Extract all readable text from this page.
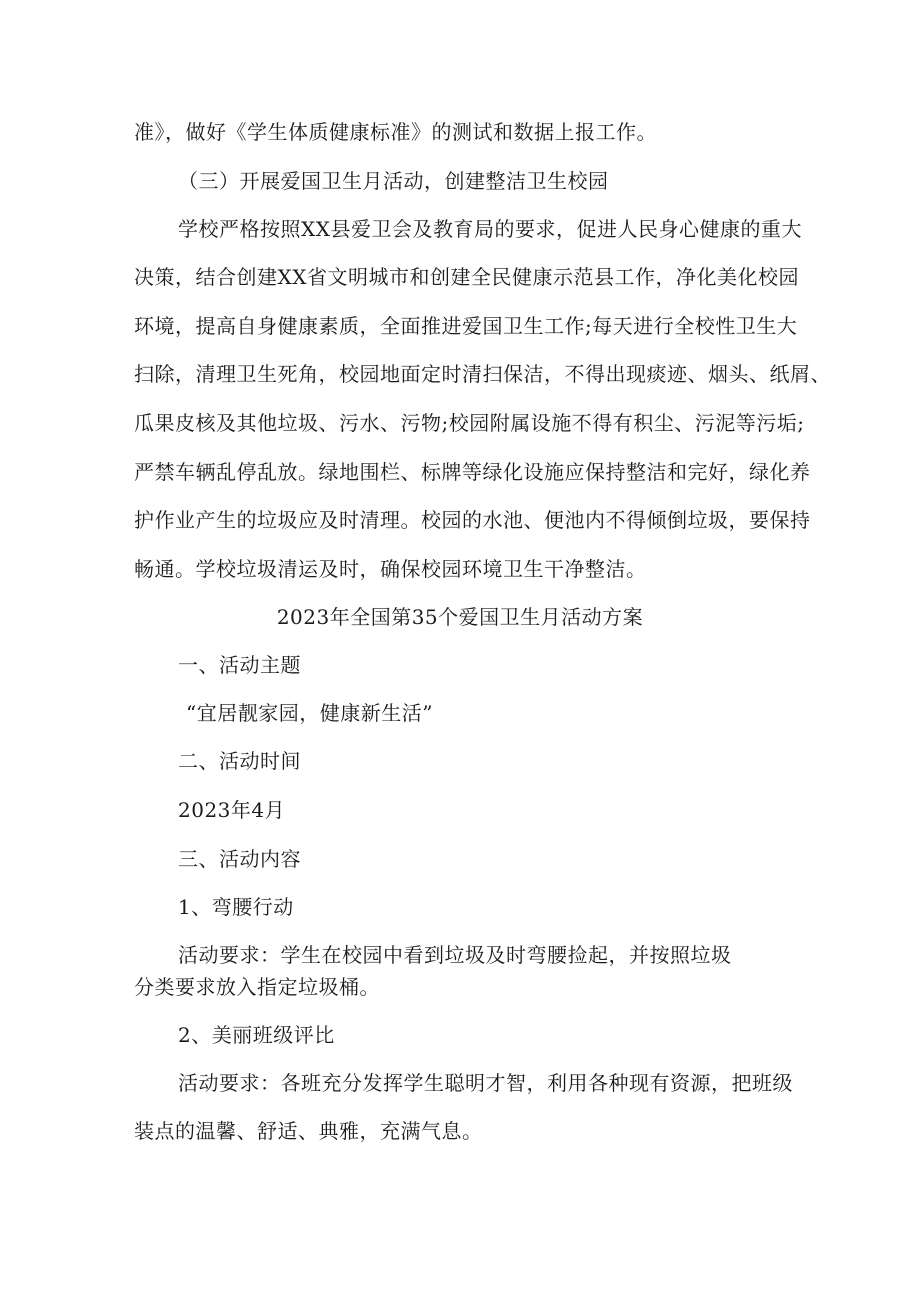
准》，做好《学生体质健康标准》的测试和数据上报工作。
（三）开展爱国卫生月活动，创建整洁卫生校园
学校严格按照XX县爱卫会及教育局的要求，促进人民身心健康的重大
决策，结合创建XX省文明城市和创建全民健康示范县工作，净化美化校园
环境，提高自身健康素质，全面推进爱国卫生工作;每天进行全校性卫生大
扫除，清理卫生死角，校园地面定时清扫保洁，不得出现痰迹、烟头、纸屑、
瓜果皮核及其他垃圾、污水、污物;校园附属设施不得有积尘、污泥等污垢;
严禁车辆乱停乱放。绿地围栏、标牌等绿化设施应保持整洁和完好，绿化养
护作业产生的垃圾应及时清理。校园的水池、便池内不得倾倒垃圾，要保持
畅通。学校垃圾清运及时，确保校园环境卫生干净整洁。
2023年全国第35个爱国卫生月活动方案
一、活动主题
“宜居靓家园，健康新生活”
二、活动时间
2023年4月
三、活动内容
1、弯腰行动
活动要求：学生在校园中看到垃圾及时弯腰捡起，并按照垃圾
分类要求放入指定垃圾桶。
2、美丽班级评比
活动要求：各班充分发挥学生聪明才智，利用各种现有资源，把班级
装点的温馨、舒适、典雅，充满气息。
